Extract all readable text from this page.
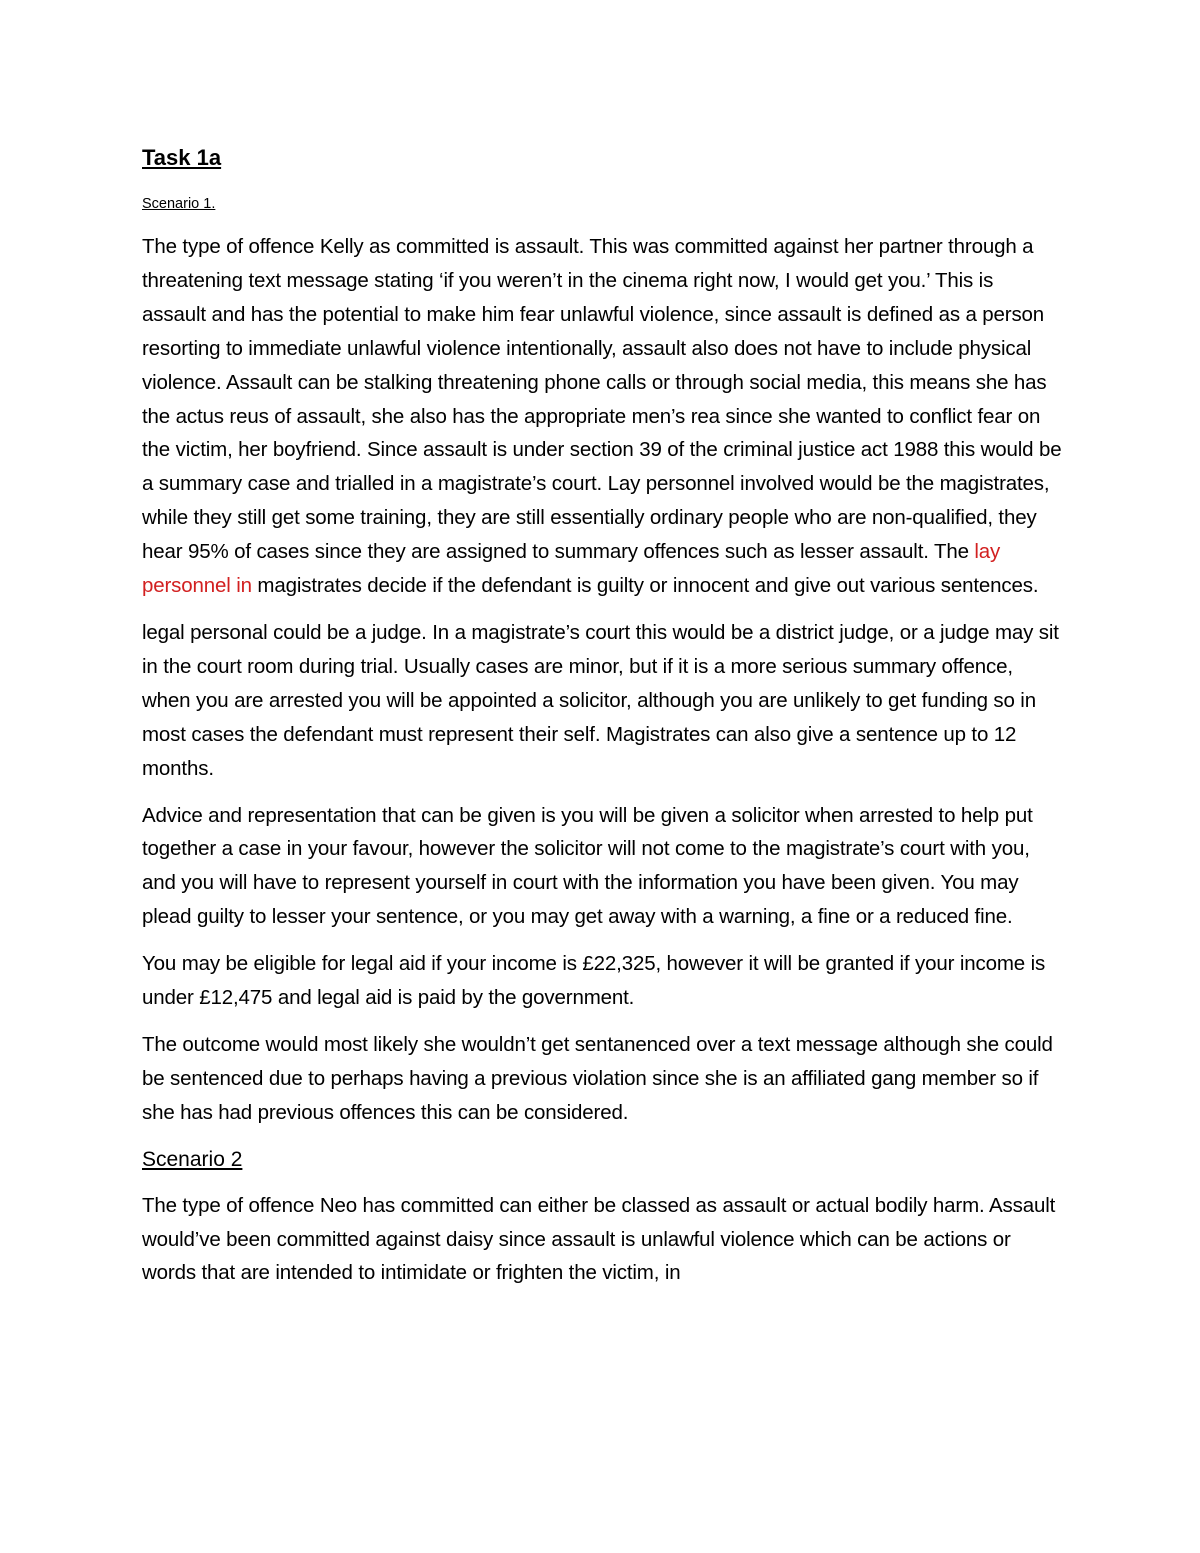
Task 1a
Scenario 1.

The type of offence Kelly as committed is assault. This was committed against her partner through a threatening text message stating ‘if you weren’t in the cinema right now, I would get you.’ This is assault and has the potential to make him fear unlawful violence, since assault is defined as a person resorting to immediate unlawful violence intentionally, assault also does not have to include physical violence. Assault can be stalking threatening phone calls or through social media, this means she has the actus reus of assault, she also has the appropriate men’s rea since she wanted to conflict fear on the victim, her boyfriend. Since assault is under section 39 of the criminal justice act 1988 this would be a summary case and trialled in a magistrate’s court. Lay personnel involved would be the magistrates, while they still get some training, they are still essentially ordinary people who are non-qualified, they hear 95% of cases since they are assigned to summary offences such as lesser assault. The lay personnel in magistrates decide if the defendant is guilty or innocent and give out various sentences.

legal personal could be a judge. In a magistrate’s court this would be a district judge, or a judge may sit in the court room during trial. Usually cases are minor, but if it is a more serious summary offence, when you are arrested you will be appointed a solicitor, although you are unlikely to get funding so in most cases the defendant must represent their self. Magistrates can also give a sentence up to 12 months.

Advice and representation that can be given is you will be given a solicitor when arrested to help put together a case in your favour, however the solicitor will not come to the magistrate’s court with you, and you will have to represent yourself in court with the information you have been given. You may plead guilty to lesser your sentence, or you may get away with a warning, a fine or a reduced fine.

You may be eligible for legal aid if your income is £22,325, however it will be granted if your income is under £12,475 and legal aid is paid by the government.

The outcome would most likely she wouldn’t get sentanenced over a text message although she could be sentenced due to perhaps having a previous violation since she is an affiliated gang member so if she has had previous offences this can be considered.

Scenario 2

The type of offence Neo has committed can either be classed as assault or actual bodily harm. Assault would’ve been committed against daisy since assault is unlawful violence which can be actions or words that are intended to intimidate or frighten the victim, in
